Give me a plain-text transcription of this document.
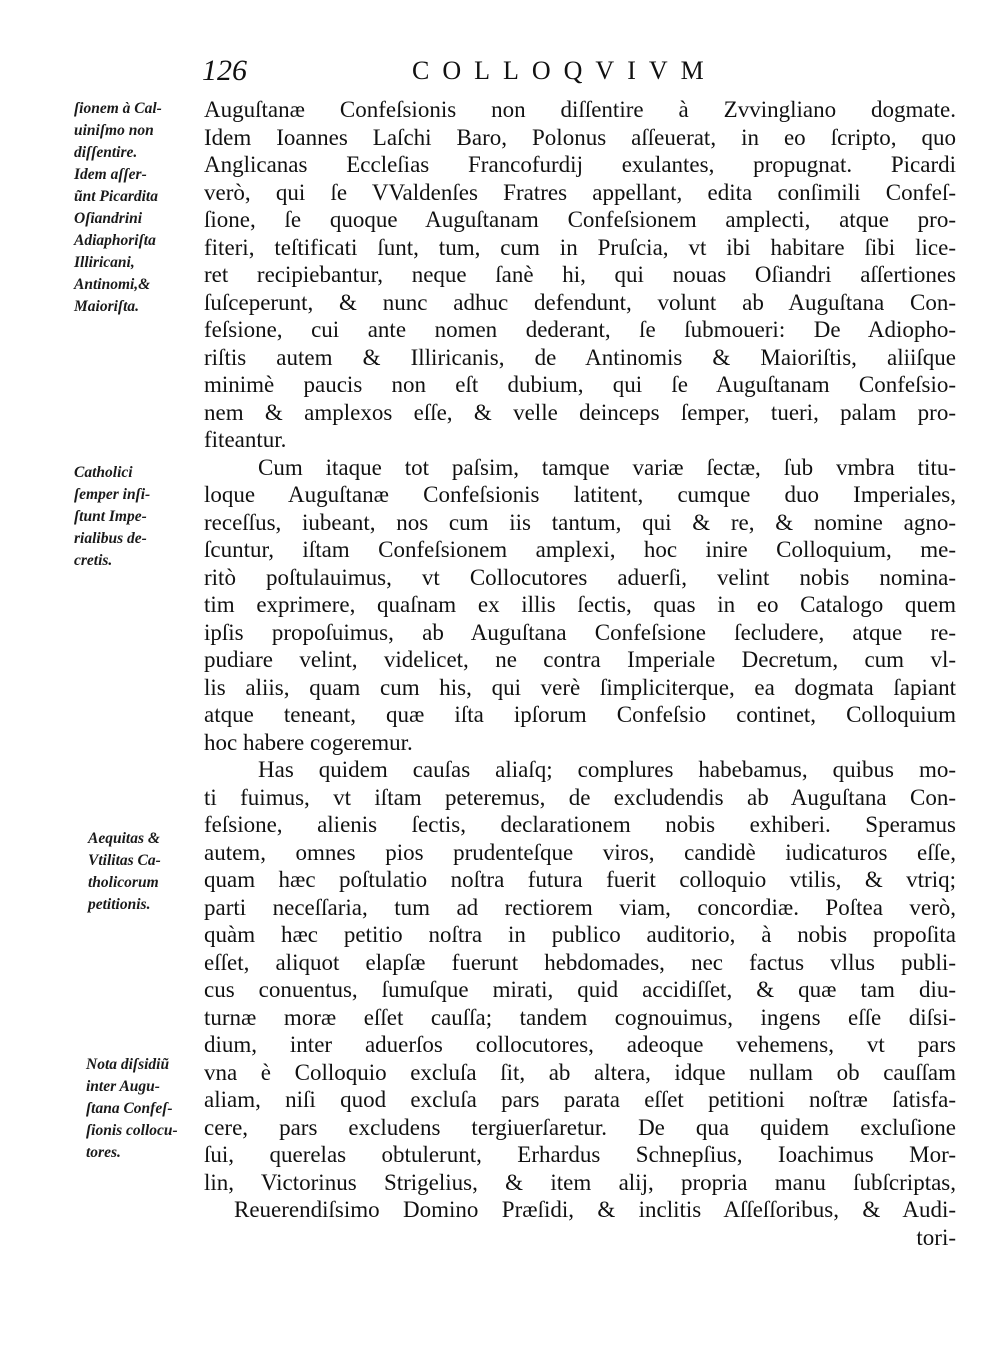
126	COLLOQVIVM
ſionem à Cal-
uiniſmo non
diſſentire.
Idem aſſer-
ũnt Picardita
Oſiandrini
Adiaphoriſta
Illiricani,
Antinomi,&
Maioriſta.
Catholici
ſemper inſi-
ſtunt Impe-
rialibus de-
cretis.
Aequitas &
Vtilitas Ca-
tholicorum
petitionis.
Nota diſsidiũ
inter Augu-
ſtana Confeſ-
ſionis collocu-
tores.
Auguſtanæ Confeſsionis non diſſentire à Zvvingliano dogmate.
Idem Ioannes Laſchi Baro, Polonus aſſeuerat, in eo ſcripto, quo
Anglicanas Eccleſias Francofurdij exulantes, propugnat. Picardi
verò, qui ſe VValdenſes Fratres appellant, edita conſimili Confeſ-
ſione, ſe quoque Auguſtanam Confeſsionem amplecti, atque pro-
fiteri, teſtificati ſunt, tum, cum in Pruſcia, vt ibi habitare ſibi lice-
ret recipiebantur, neque ſanè hi, qui nouas Oſiandri aſſertiones
ſuſceperunt, & nunc adhuc defendunt, volunt ab Auguſtana Con-
feſsione, cui ante nomen dederant, ſe ſubmoueri: De Adiopho-
riſtis autem & Illiricanis, de Antinomis & Maioriſtis, aliiſque
minimè paucis non eſt dubium, qui ſe Auguſtanam Confeſsio-
nem & amplexos eſſe, & velle deinceps ſemper, tueri, palam pro-
fiteantur.
Cum itaque tot paſsim, tamque variæ ſectæ, ſub vmbra titu-
loque Auguſtanæ Confeſsionis latitent, cumque duo Imperiales,
receſſus, iubeant, nos cum iis tantum, qui & re, & nomine agno-
ſcuntur, iſtam Confeſsionem amplexi, hoc inire Colloquium, me-
ritò poſtulauimus, vt Collocutores aduerſi, velint nobis nomina-
tim exprimere, quaſnam ex illis ſectis, quas in eo Catalogo quem
ipſis propoſuimus, ab Auguſtana Confeſsione ſecludere, atque re-
pudiare velint, videlicet, ne contra Imperiale Decretum, cum vl-
lis aliis, quam cum his, qui verè ſimpliciterque, ea dogmata ſapiant
atque teneant, quæ iſta ipſorum Confeſsio continet, Colloquium
hoc habere cogeremur.
Has quidem cauſas aliaſq; complures habebamus, quibus mo-
ti fuimus, vt iſtam peteremus, de excludendis ab Auguſtana Con-
feſsione, alienis ſectis, declarationem nobis exhiberi. Speramus
autem, omnes pios prudenteſque viros, candidè iudicaturos eſſe,
quam hæc poſtulatio noſtra futura fuerit colloquio vtilis, & vtriq;
parti neceſſaria, tum ad rectiorem viam, concordiæ. Poſtea verò,
quàm hæc petitio noſtra in publico auditorio, à nobis propoſita
eſſet, aliquot elapſæ fuerunt hebdomades, nec factus vllus publi-
cus conuentus, ſumuſque mirati, quid accidiſſet, & quæ tam diu-
turnæ moræ eſſet cauſſa; tandem cognouimus, ingens eſſe diſsi-
dium, inter aduerſos collocutores, adeoque vehemens, vt pars
vna è Colloquio excluſa ſit, ab altera, idque nullam ob cauſſam
aliam, niſi quod excluſa pars parata eſſet petitioni noſtræ ſatisfa-
cere, pars excludens tergiuerſaretur. De qua quidem excluſione
ſui, querelas obtulerunt, Erhardus Schnepſius, Ioachimus Mor-
lin, Victorinus Strigelius, & item alij, propria manu ſubſcriptas,
Reuerendiſsimo Domino Præſidi, & inclitis Aſſeſſoribus, & Audi-
tori-
